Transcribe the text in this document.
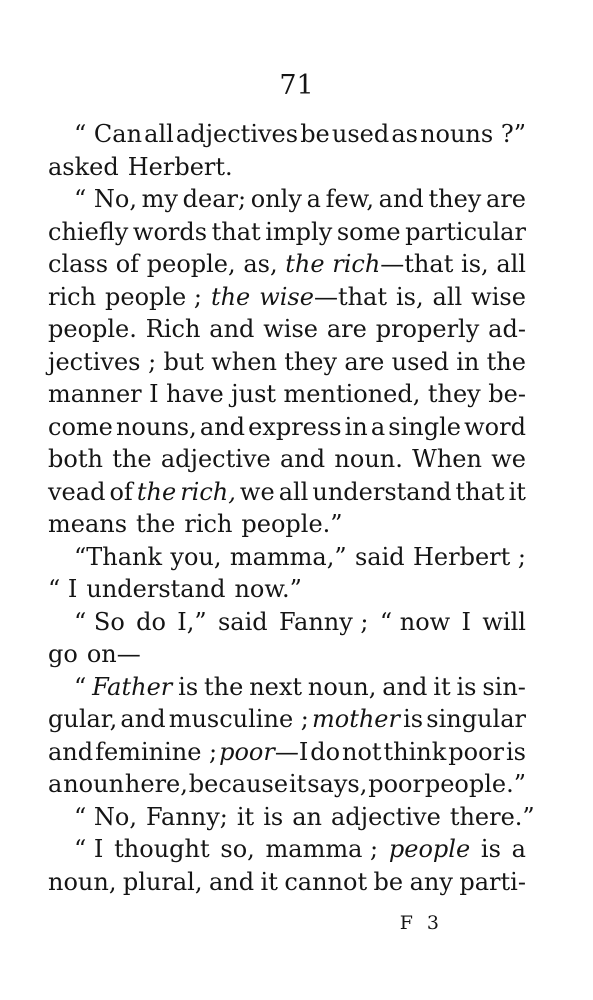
71
“ Can all adjectives be used as nouns ?”
asked Herbert.
“ No, my dear; only a few, and they are
chiefly words that imply some particular
class of people, as, the rich—that is, all
rich people ; the wise—that is, all wise
people. Rich and wise are properly ad-
jectives ; but when they are used in the
manner I have just mentioned, they be-
come nouns, and express in a single word
both the adjective and noun. When we
vead of the rich, we all understand that it
means the rich people.”
“Thank you, mamma,” said Herbert ;
“ I understand now.”
“ So do I,” said Fanny ; “ now I will
go on—
“ Father is the next noun, and it is sin-
gular, and musculine ; mother is singular
and feminine ; poor—I do not think poor is
a noun here, because it says, poor people.”
“ No, Fanny; it is an adjective there.”
“ I thought so, mamma ; people is a
noun, plural, and it cannot be any parti-
F 3
